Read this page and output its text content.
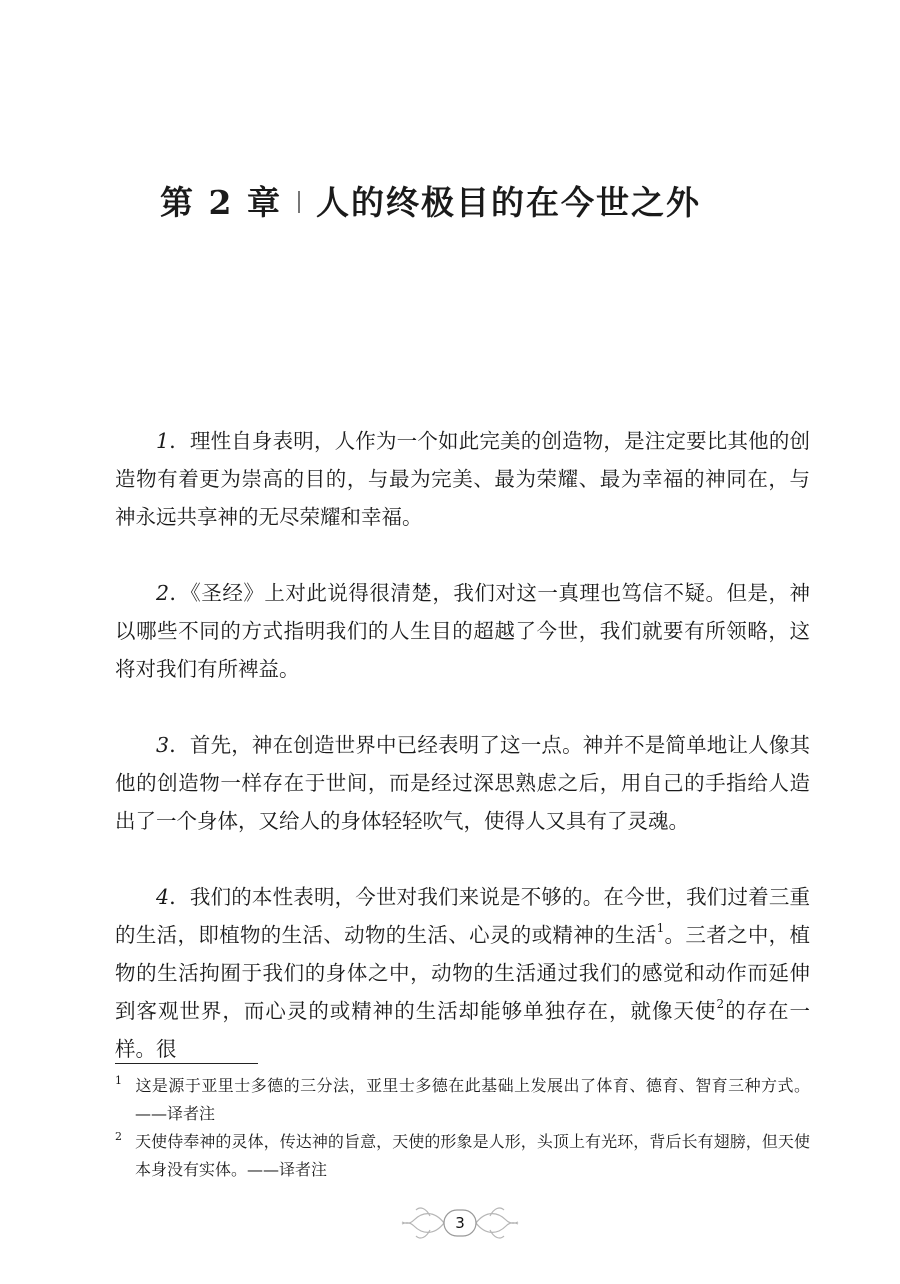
第 2 章 人的终极目的在今世之外

1．理性自身表明，人作为一个如此完美的创造物，是注定要比其他的创造物有着更为崇高的目的，与最为完美、最为荣耀、最为幸福的神同在，与神永远共享神的无尽荣耀和幸福。

2．《圣经》上对此说得很清楚，我们对这一真理也笃信不疑。但是，神以哪些不同的方式指明我们的人生目的超越了今世，我们就要有所领略，这将对我们有所裨益。

3．首先，神在创造世界中已经表明了这一点。神并不是简单地让人像其他的创造物一样存在于世间，而是经过深思熟虑之后，用自己的手指给人造出了一个身体，又给人的身体轻轻吹气，使得人又具有了灵魂。

4．我们的本性表明，今世对我们来说是不够的。在今世，我们过着三重的生活，即植物的生活、动物的生活、心灵的或精神的生活$^1$。三者之中，植物的生活拘囿于我们的身体之中，动物的生活通过我们的感觉和动作而延伸到客观世界，而心灵的或精神的生活却能够单独存在，就像天使$^2$的存在一样。很

1 这是源于亚里士多德的三分法，亚里士多德在此基础上发展出了体育、德育、智育三种方式。——译者注

2 天使侍奉神的灵体，传达神的旨意，天使的形象是人形，头顶上有光环，背后长有翅膀，但天使本身没有实体。——译者注

3
